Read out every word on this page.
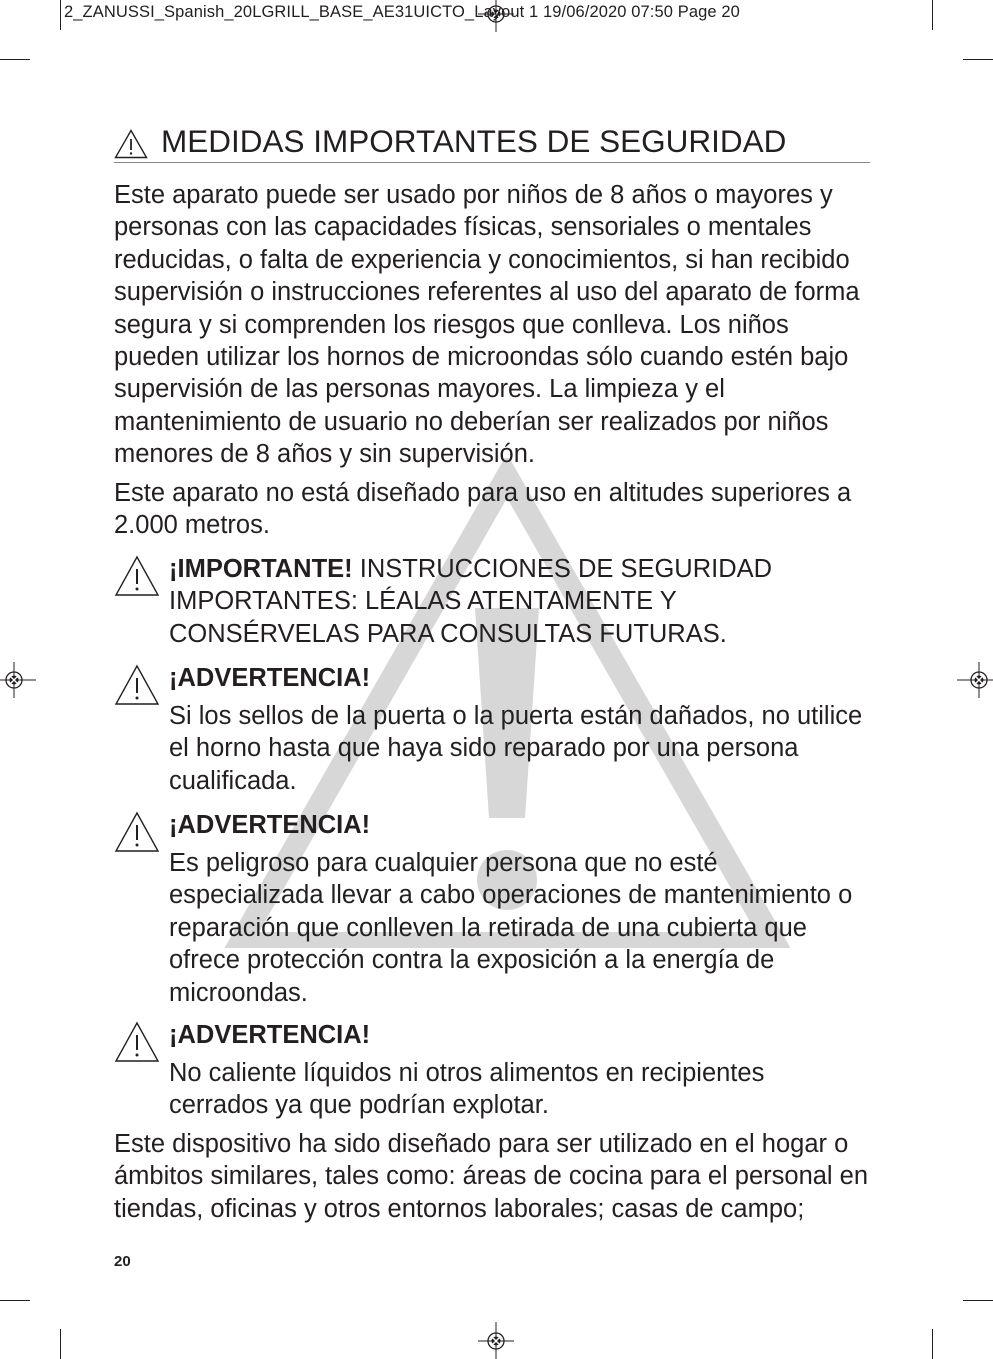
2_ZANUSSI_Spanish_20LGRILL_BASE_AE31UICTO_Layout 1 19/06/2020 07:50 Page 20
MEDIDAS IMPORTANTES DE SEGURIDAD

Este aparato puede ser usado por niños de 8 años o mayores y personas con las capacidades físicas, sensoriales o mentales reducidas, o falta de experiencia y conocimientos, si han recibido supervisión o instrucciones referentes al uso del aparato de forma segura y si comprenden los riesgos que conlleva. Los niños pueden utilizar los hornos de microondas sólo cuando estén bajo supervisión de las personas mayores. La limpieza y el mantenimiento de usuario no deberían ser realizados por niños menores de 8 años y sin supervisión.

Este aparato no está diseñado para uso en altitudes superiores a 2.000 metros.

¡IMPORTANTE! INSTRUCCIONES DE SEGURIDAD IMPORTANTES: LÉALAS ATENTAMENTE Y CONSÉRVELAS PARA CONSULTAS FUTURAS.

¡ADVERTENCIA!

Si los sellos de la puerta o la puerta están dañados, no utilice el horno hasta que haya sido reparado por una persona cualificada.

¡ADVERTENCIA!

Es peligroso para cualquier persona que no esté especializada llevar a cabo operaciones de mantenimiento o reparación que conlleven la retirada de una cubierta que ofrece protección contra la exposición a la energía de microondas.

¡ADVERTENCIA!

No caliente líquidos ni otros alimentos en recipientes cerrados ya que podrían explotar.

Este dispositivo ha sido diseñado para ser utilizado en el hogar o ámbitos similares, tales como: áreas de cocina para el personal en tiendas, oficinas y otros entornos laborales; casas de campo;

20
